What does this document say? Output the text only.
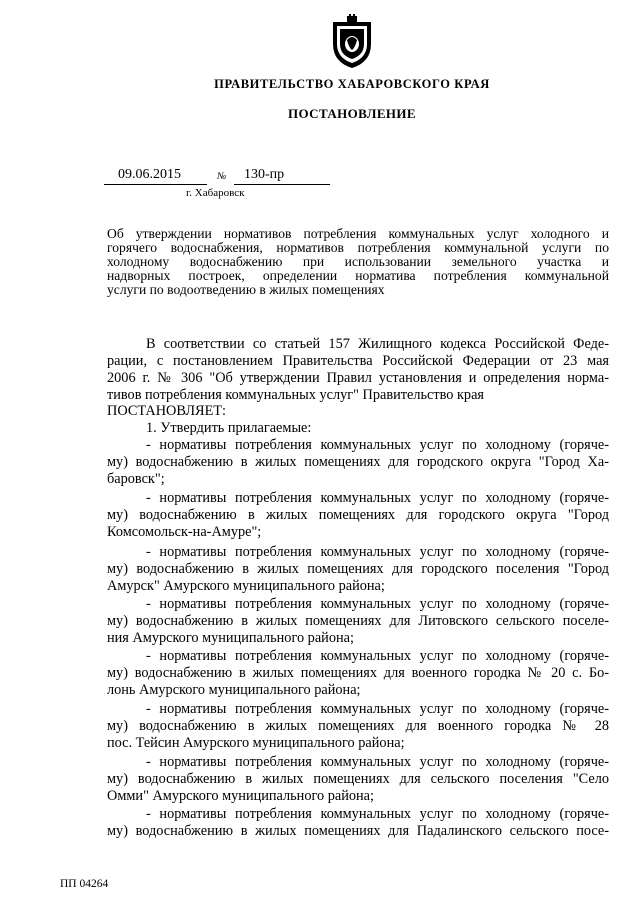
ПРАВИТЕЛЬСТВО ХАБАРОВСКОГО КРАЯ
ПОСТАНОВЛЕНИЕ
09.06.2015	№ 130-пр
г. Хабаровск
Об утверждении нормативов потребления коммунальных услуг холодного и
горячего водоснабжения, нормативов потребления коммунальной услуги по
холодному водоснабжению при использовании земельного участка и
надворных построек, определении норматива потребления коммунальной
услуги по водоотведению в жилых помещениях
В соответствии со статьей 157 Жилищного кодекса Российской Феде-
рации, с постановлением Правительства Российской Федерации от 23 мая
2006 г. № 306 "Об утверждении Правил установления и определения норма-
тивов потребления коммунальных услуг" Правительство края
ПОСТАНОВЛЯЕТ:
1. Утвердить прилагаемые:
- нормативы потребления коммунальных услуг по холодному (горяче-
му) водоснабжению в жилых помещениях для городского округа "Город Ха-
баровск";
- нормативы потребления коммунальных услуг по холодному (горяче-
му) водоснабжению в жилых помещениях для городского округа "Город
Комсомольск-на-Амуре";
- нормативы потребления коммунальных услуг по холодному (горяче-
му) водоснабжению в жилых помещениях для городского поселения "Город
Амурск" Амурского муниципального района;
- нормативы потребления коммунальных услуг по холодному (горяче-
му) водоснабжению в жилых помещениях для Литовского сельского поселе-
ния Амурского муниципального района;
- нормативы потребления коммунальных услуг по холодному (горяче-
му) водоснабжению в жилых помещениях для военного городка № 20 с. Бо-
лонь Амурского муниципального района;
- нормативы потребления коммунальных услуг по холодному (горяче-
му) водоснабжению в жилых помещениях для военного городка № 28
пос. Тейсин Амурского муниципального района;
- нормативы потребления коммунальных услуг по холодному (горяче-
му) водоснабжению в жилых помещениях для сельского поселения "Село
Омми" Амурского муниципального района;
- нормативы потребления коммунальных услуг по холодному (горяче-
му) водоснабжению в жилых помещениях для Падалинского сельского посе-
ПП 04264
